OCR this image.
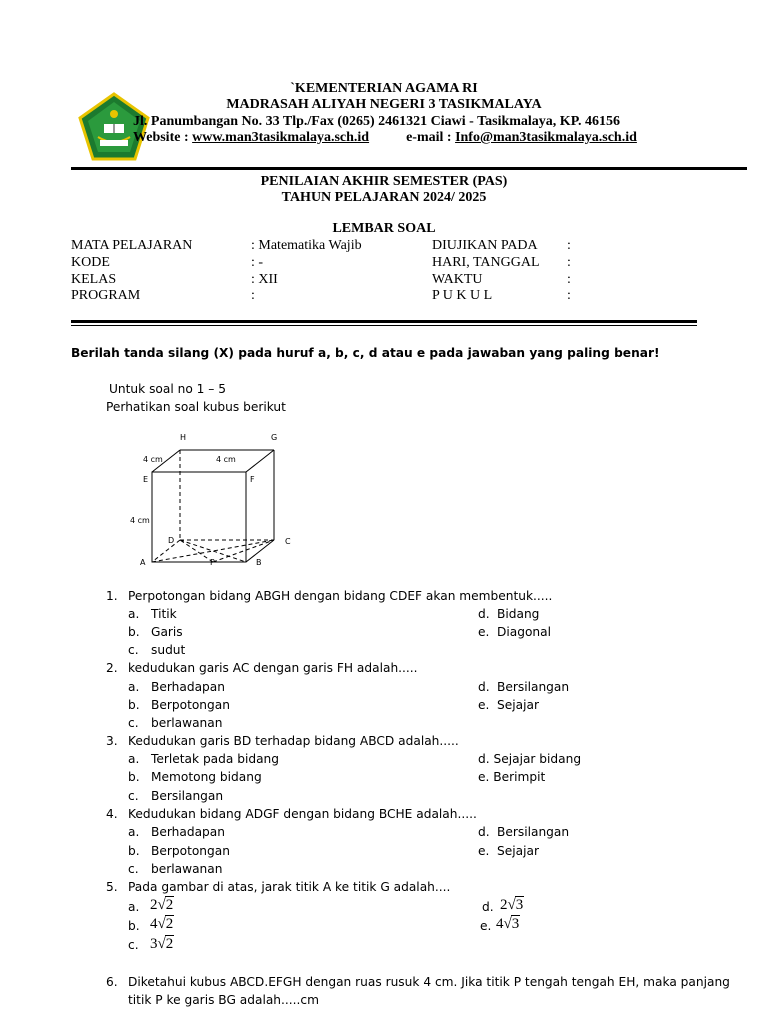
`KEMENTERIAN AGAMA RI
MADRASAH ALIYAH NEGERI 3 TASIKMALAYA
Jl. Panumbangan No. 33 Tlp./Fax (0265) 2461321 Ciawi - Tasikmalaya, KP. 46156
Website : www.man3tasikmalaya.sch.id	e-mail : Info@man3tasikmalaya.sch.id
PENILAIAN AKHIR SEMESTER (PAS)
TAHUN PELAJARAN 2024/ 2025
LEMBAR SOAL
MATA PELAJARAN	: Matematika Wajib	DIUJIKAN PADA :
KODE	: -	HARI, TANGGAL :
KELAS	: XII	WAKTU	:
PROGRAM	:	P U K U L	:
Berilah tanda silang (X) pada huruf a, b, c, d atau e pada jawaban yang paling benar!
Untuk soal no 1 – 5
Perhatikan soal kubus berikut
H	G
E	F
D	C
A	P	B
4 cm	4 cm
4 cm
1. Perpotongan bidang ABGH dengan bidang CDEF akan membentuk.....
a. Titik
b. Garis
c. sudut
d. Bidang
e. Diagonal
2. kedudukan garis AC dengan garis FH adalah.....
a. Berhadapan
b. Berpotongan
c. berlawanan
d. Bersilangan
e. Sejajar
3. Kedudukan garis BD terhadap bidang ABCD adalah.....
a. Terletak pada bidang
b. Memotong bidang
c. Bersilangan
d. Sejajar bidang
e. Berimpit
4. Kedudukan bidang ADGF dengan bidang BCHE adalah.....
a. Berhadapan
b. Berpotongan
c. berlawanan
d. Bersilangan
e. Sejajar
5. Pada gambar di atas, jarak titik A ke titik G adalah....
a. 2√2
b. 4√2
c. 3√2
d. 2√3
e. 4√3
6. Diketahui kubus ABCD.EFGH dengan ruas rusuk 4 cm. Jika titik P tengah tengah EH, maka panjang
titik P ke garis BG adalah.....cm
